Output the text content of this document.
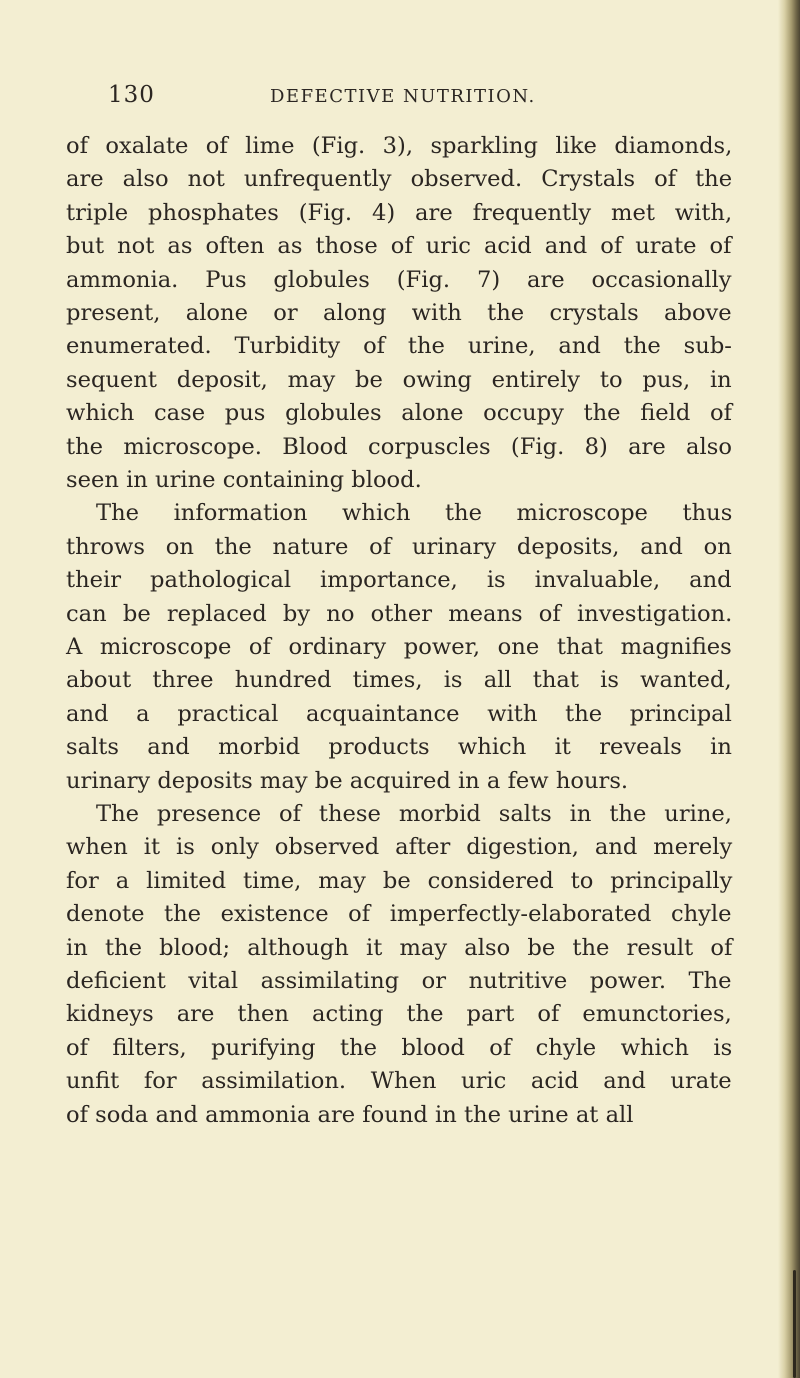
130	DEFECTIVE NUTRITION.
of oxalate of lime (Fig. 3), sparkling like diamonds,
are also not unfrequently observed. Crystals of the
triple phosphates (Fig. 4) are frequently met with,
but not as often as those of uric acid and of urate of
ammonia. Pus globules (Fig. 7) are occasionally
present, alone or along with the crystals above
enumerated. Turbidity of the urine, and the sub-
sequent deposit, may be owing entirely to pus, in
which case pus globules alone occupy the field of
the microscope. Blood corpuscles (Fig. 8) are also
seen in urine containing blood.
The information which the microscope thus
throws on the nature of urinary deposits, and on
their pathological importance, is invaluable, and
can be replaced by no other means of investigation.
A microscope of ordinary power, one that magnifies
about three hundred times, is all that is wanted,
and a practical acquaintance with the principal
salts and morbid products which it reveals in
urinary deposits may be acquired in a few hours.
The presence of these morbid salts in the urine,
when it is only observed after digestion, and merely
for a limited time, may be considered to principally
denote the existence of imperfectly-elaborated chyle
in the blood; although it may also be the result of
deficient vital assimilating or nutritive power. The
kidneys are then acting the part of emunctories,
of filters, purifying the blood of chyle which is
unfit for assimilation. When uric acid and urate
of soda and ammonia are found in the urine at all
